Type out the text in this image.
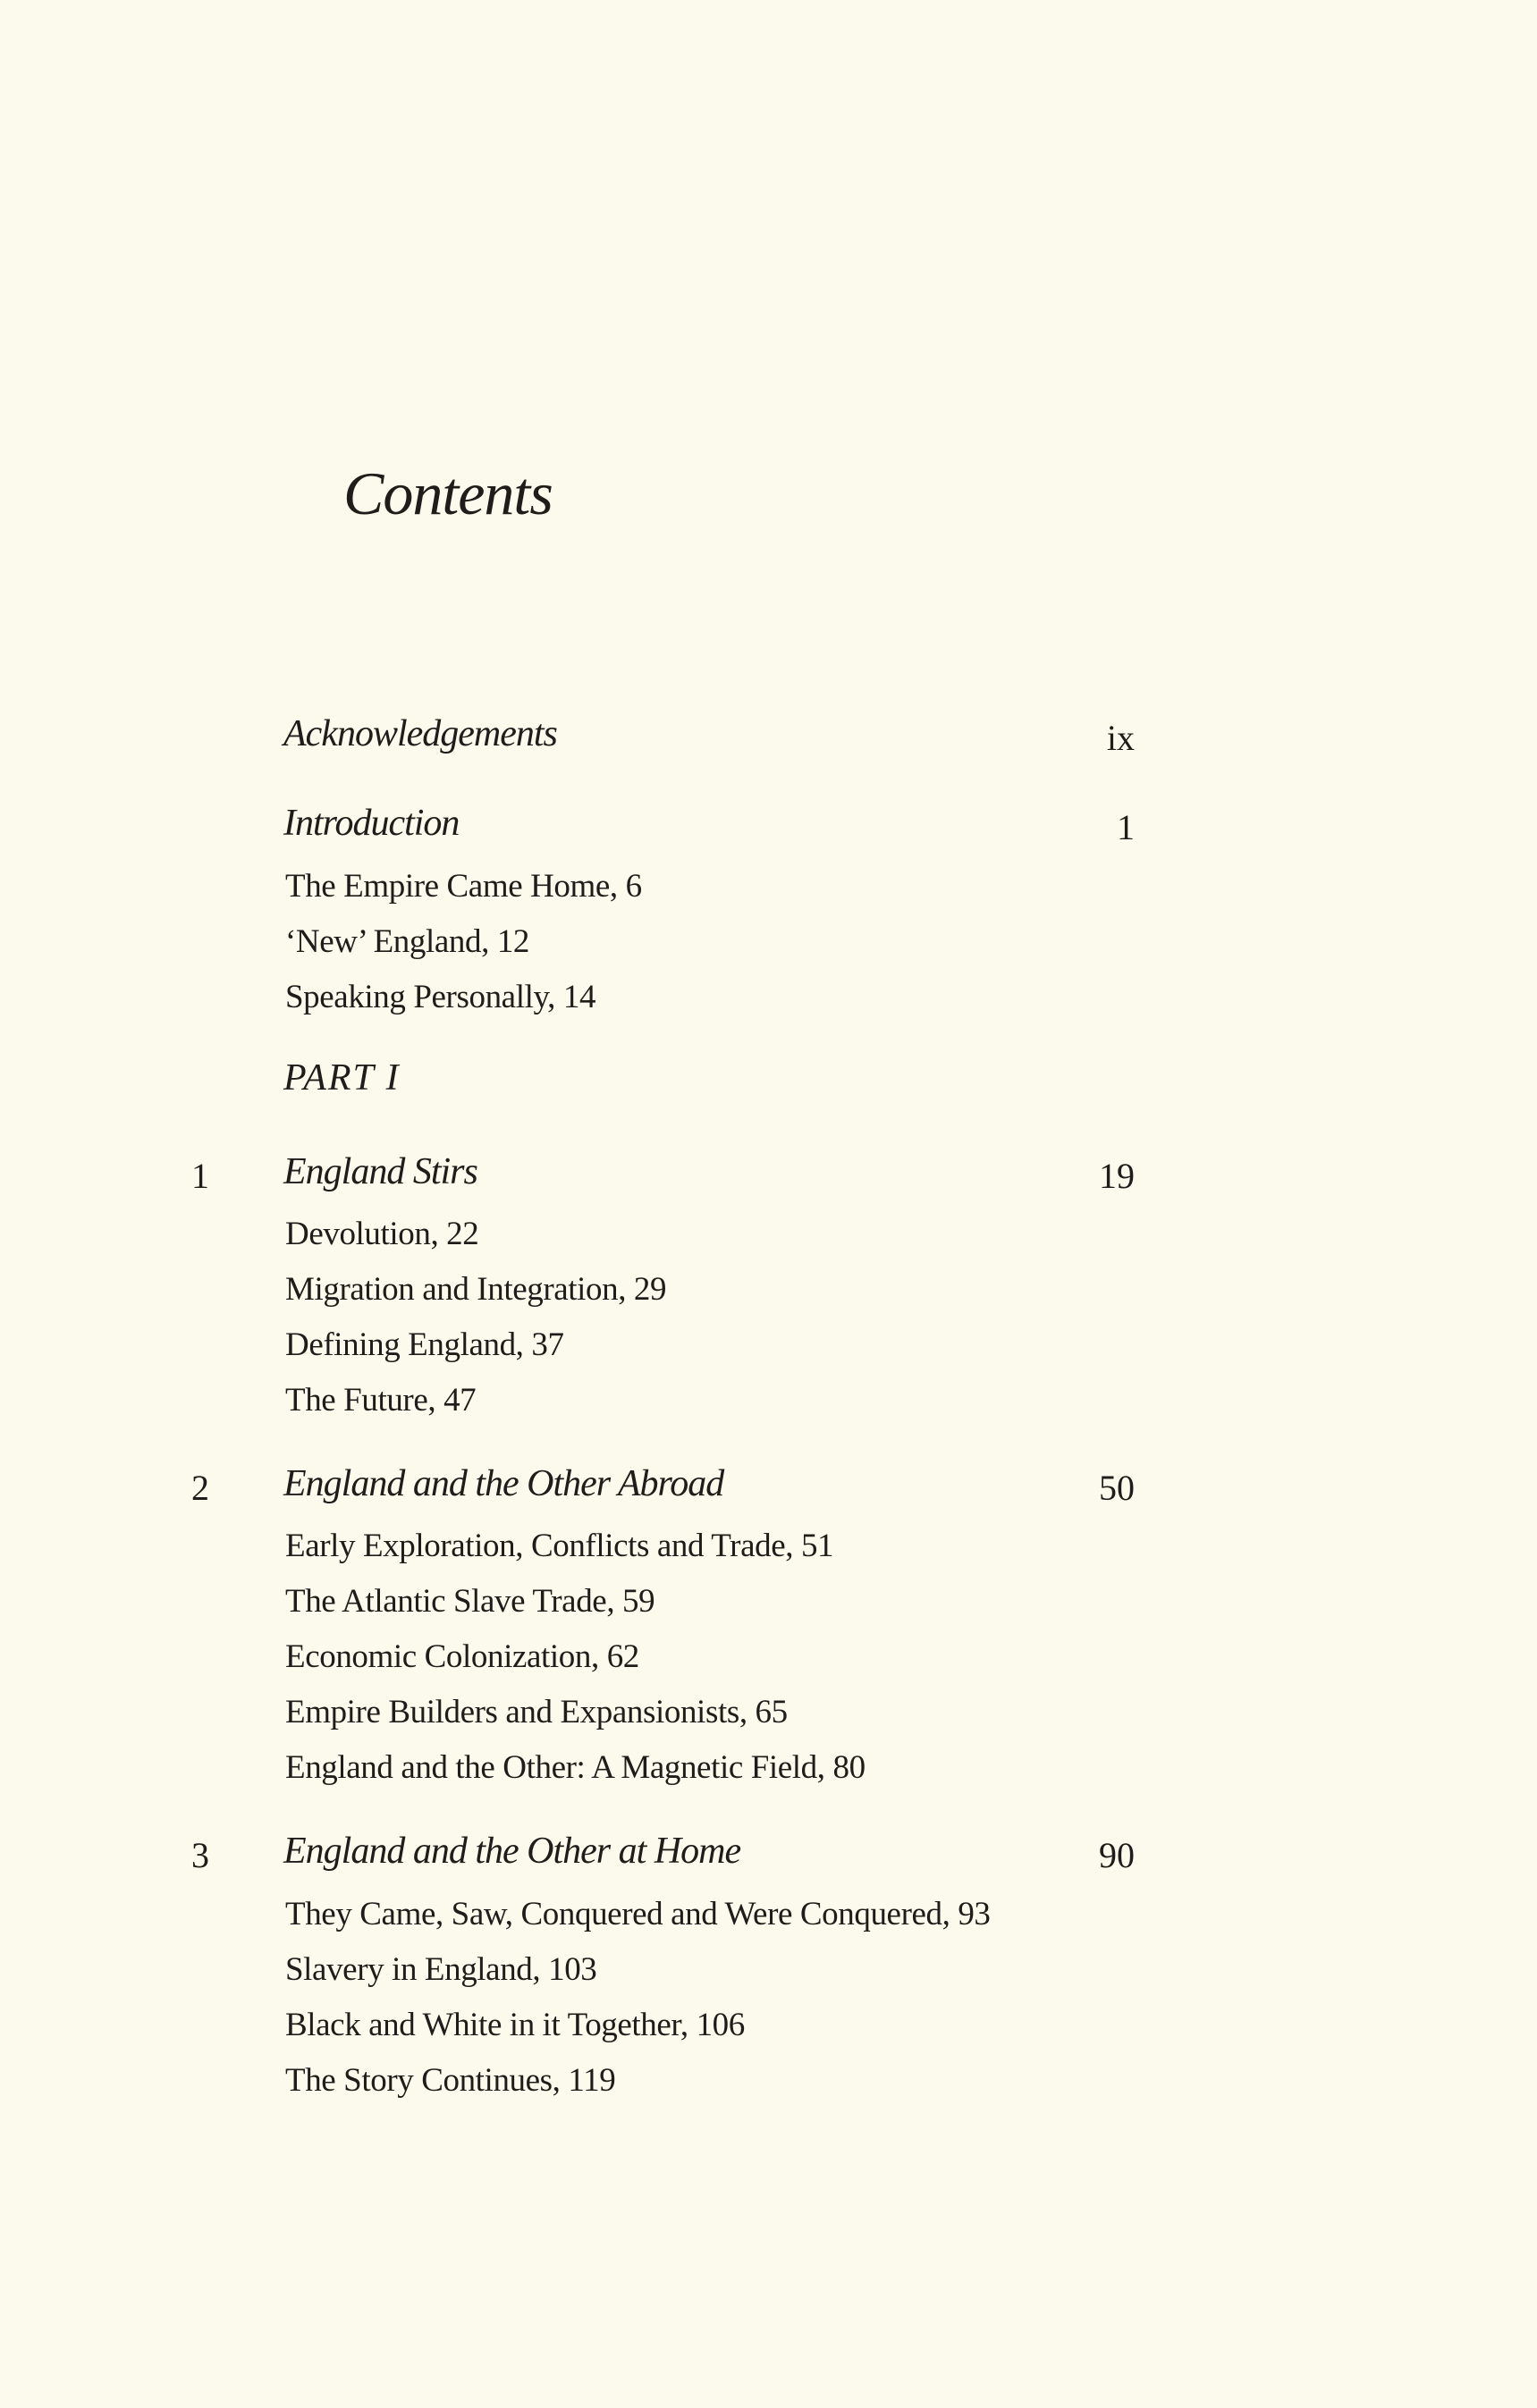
Contents
Acknowledgements	ix
Introduction	1
The Empire Came Home, 6
‘New’ England, 12
Speaking Personally, 14
PART I
1 England Stirs	19
Devolution, 22
Migration and Integration, 29
Defining England, 37
The Future, 47
2 England and the Other Abroad	50
Early Exploration, Conflicts and Trade, 51
The Atlantic Slave Trade, 59
Economic Colonization, 62
Empire Builders and Expansionists, 65
England and the Other: A Magnetic Field, 80
3 England and the Other at Home	90
They Came, Saw, Conquered and Were Conquered, 93
Slavery in England, 103
Black and White in it Together, 106
The Story Continues, 119
